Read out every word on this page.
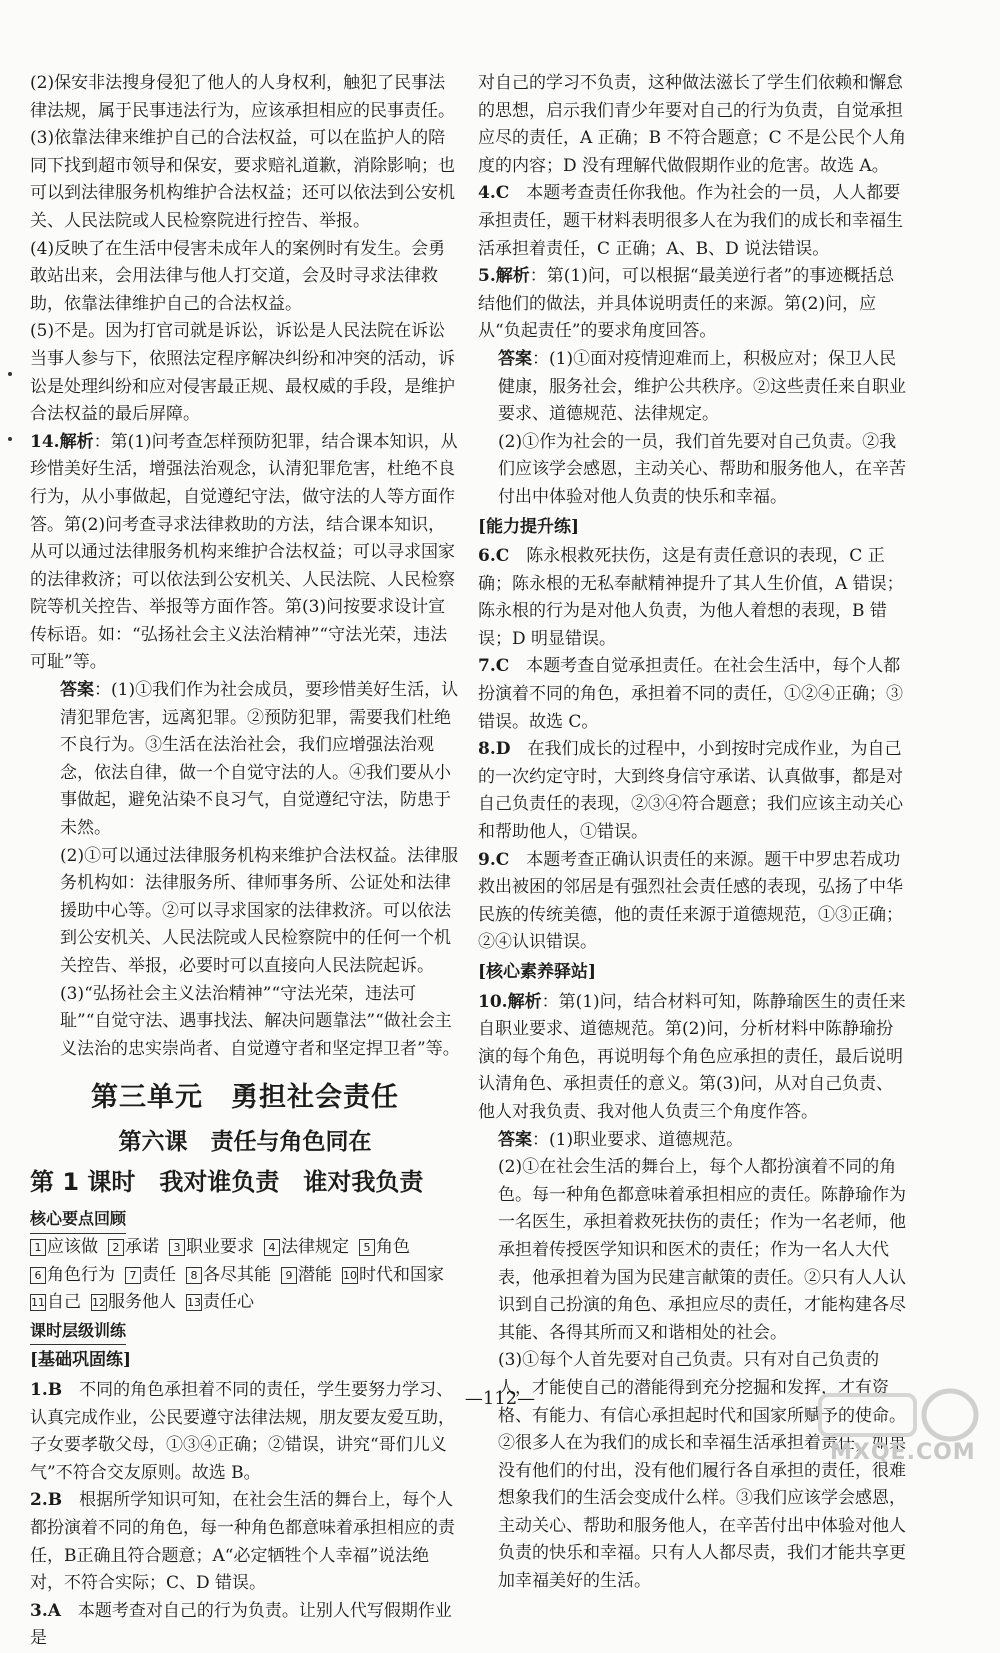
(2)保安非法搜身侵犯了他人的人身权利，触犯了民事法律法规，属于民事违法行为，应该承担相应的民事责任。

(3)依靠法律来维护自己的合法权益，可以在监护人的陪同下找到超市领导和保安，要求赔礼道歉，消除影响；也可以到法律服务机构维护合法权益；还可以依法到公安机关、人民法院或人民检察院进行控告、举报。

(4)反映了在生活中侵害未成年人的案例时有发生。会勇敢站出来，会用法律与他人打交道，会及时寻求法律救助，依靠法律维护自己的合法权益。

(5)不是。因为打官司就是诉讼，诉讼是人民法院在诉讼当事人参与下，依照法定程序解决纠纷和冲突的活动，诉讼是处理纠纷和应对侵害最正规、最权威的手段，是维护合法权益的最后屏障。

14.解析：第(1)问考查怎样预防犯罪，结合课本知识，从珍惜美好生活，增强法治观念，认清犯罪危害，杜绝不良行为，从小事做起，自觉遵纪守法，做守法的人等方面作答。第(2)问考查寻求法律救助的方法，结合课本知识，从可以通过法律服务机构来维护合法权益；可以寻求国家的法律救济；可以依法到公安机关、人民法院、人民检察院等机关控告、举报等方面作答。第(3)问按要求设计宣传标语。如：“弘扬社会主义法治精神”“守法光荣，违法可耻”等。

答案：(1)①我们作为社会成员，要珍惜美好生活，认清犯罪危害，远离犯罪。②预防犯罪，需要我们杜绝不良行为。③生活在法治社会，我们应增强法治观念，依法自律，做一个自觉守法的人。④我们要从小事做起，避免沾染不良习气，自觉遵纪守法，防患于未然。

(2)①可以通过法律服务机构来维护合法权益。法律服务机构如：法律服务所、律师事务所、公证处和法律援助中心等。②可以寻求国家的法律救济。可以依法到公安机关、人民法院或人民检察院中的任何一个机关控告、举报，必要时可以直接向人民法院起诉。

(3)“弘扬社会主义法治精神”“守法光荣，违法可耻”“自觉守法、遇事找法、解决问题靠法”“做社会主义法治的忠实崇尚者、自觉遵守者和坚定捍卫者”等。

第三单元　勇担社会责任
第六课　责任与角色同在
第 1 课时　我对谁负责　谁对我负责
核心要点回顾
1 应该做	2 承诺	3 职业要求	4 法律规定	5 角色
6 角色行为	7 责任	8 各尽其能	9 潜能 10 时代和国家
11 自己 12 服务他人 13 责任心
课时层级训练
[基础巩固练]

1.B　不同的角色承担着不同的责任，学生要努力学习、认真完成作业，公民要遵守法律法规，朋友要友爱互助，子女要孝敬父母，①③④正确；②错误，讲究“哥们儿义气”不符合交友原则。故选 B。

2.B　根据所学知识可知，在社会生活的舞台上，每个人都扮演着不同的角色，每一种角色都意味着承担相应的责任，B正确且符合题意；A“必定牺牲个人幸福”说法绝对，不符合实际；C、D 错误。

3.A　本题考查对自己的行为负责。让别人代写假期作业是

对自己的学习不负责，这种做法滋长了学生们依赖和懈怠的思想，启示我们青少年要对自己的行为负责，自觉承担应尽的责任，A 正确；B 不符合题意；C 不是公民个人角度的内容；D 没有理解代做假期作业的危害。故选 A。

4.C　本题考查责任你我他。作为社会的一员，人人都要承担责任，题干材料表明很多人在为我们的成长和幸福生活承担着责任，C 正确；A、B、D 说法错误。

5.解析：第(1)问，可以根据“最美逆行者”的事迹概括总结他们的做法，并具体说明责任的来源。第(2)问，应从“负起责任”的要求角度回答。

答案：(1)①面对疫情迎难而上，积极应对；保卫人民健康，服务社会，维护公共秩序。②这些责任来自职业要求、道德规范、法律规定。

(2)①作为社会的一员，我们首先要对自己负责。②我们应该学会感恩，主动关心、帮助和服务他人，在辛苦付出中体验对他人负责的快乐和幸福。

[能力提升练]

6.C　陈永根救死扶伤，这是有责任意识的表现，C 正确；陈永根的无私奉献精神提升了其人生价值，A 错误；陈永根的行为是对他人负责，为他人着想的表现，B 错误；D 明显错误。

7.C　本题考查自觉承担责任。在社会生活中，每个人都扮演着不同的角色，承担着不同的责任，①②④正确；③错误。故选 C。

8.D　在我们成长的过程中，小到按时完成作业，为自己的一次约定守时，大到终身信守承诺、认真做事，都是对自己负责任的表现，②③④符合题意；我们应该主动关心和帮助他人，①错误。

9.C　本题考查正确认识责任的来源。题干中罗忠若成功救出被困的邻居是有强烈社会责任感的表现，弘扬了中华民族的传统美德，他的责任来源于道德规范，①③正确；②④认识错误。

[核心素养驿站]

10.解析：第(1)问，结合材料可知，陈静瑜医生的责任来自职业要求、道德规范。第(2)问，分析材料中陈静瑜扮演的每个角色，再说明每个角色应承担的责任，最后说明认清角色、承担责任的意义。第(3)问，从对自己负责、他人对我负责、我对他人负责三个角度作答。

答案：(1)职业要求、道德规范。

(2)①在社会生活的舞台上，每个人都扮演着不同的角色。每一种角色都意味着承担相应的责任。陈静瑜作为一名医生，承担着救死扶伤的责任；作为一名老师，他承担着传授医学知识和医术的责任；作为一名人大代表，他承担着为国为民建言献策的责任。②只有人人认识到自己扮演的角色、承担应尽的责任，才能构建各尽其能、各得其所而又和谐相处的社会。

(3)①每个人首先要对自己负责。只有对自己负责的人，才能使自己的潜能得到充分挖掘和发挥，才有资格、有能力、有信心承担起时代和国家所赋予的使命。②很多人在为我们的成长和幸福生活承担着责任，如果没有他们的付出，没有他们履行各自承担的责任，很难想象我们的生活会变成什么样。③我们应该学会感恩，主动关心、帮助和服务他人，在辛苦付出中体验对他人负责的快乐和幸福。只有人人都尽责，我们才能共享更加幸福美好的生活。

—112—
MXQE.COM
